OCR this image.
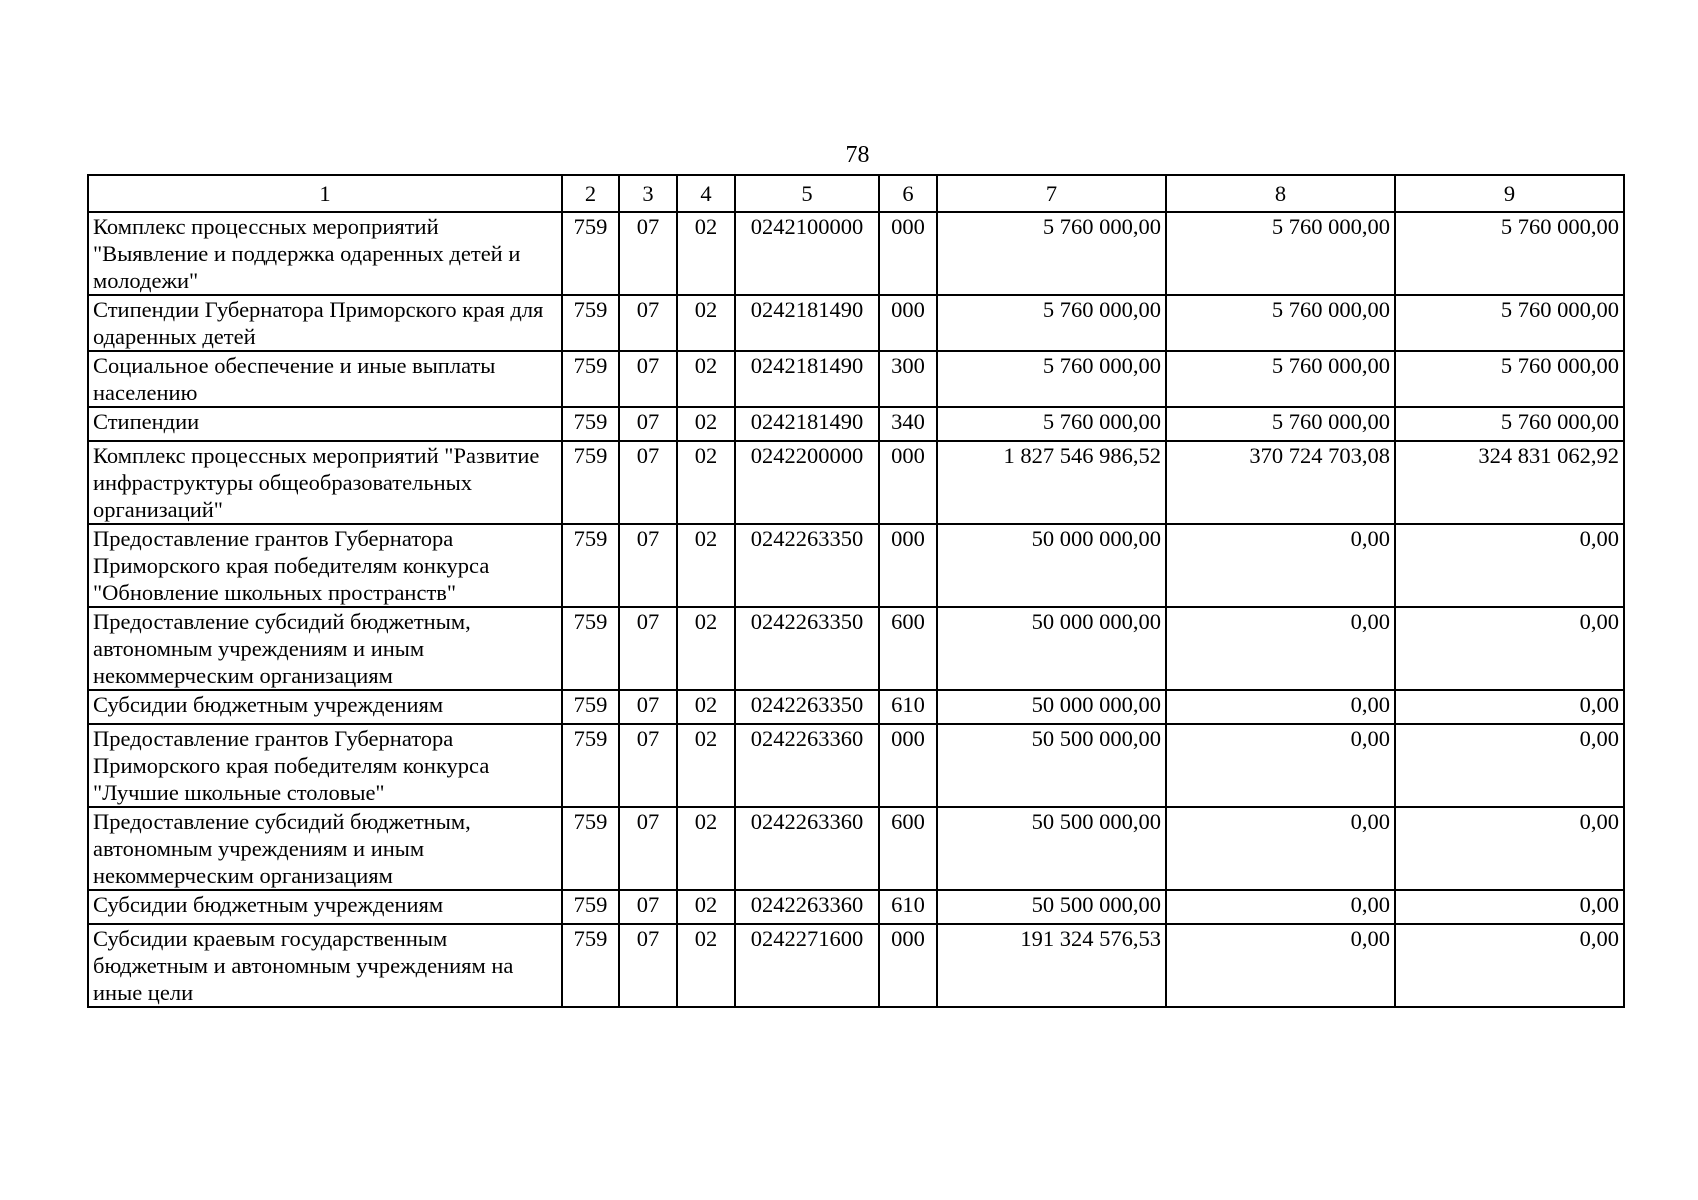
78
1	2	3	4	5	6	7	8	9
Комплекс процессных мероприятий "Выявление и поддержка одаренных детей и молодежи"	759	07	02	0242100000	000	5 760 000,00	5 760 000,00	5 760 000,00
Стипендии Губернатора Приморского края для одаренных детей	759	07	02	0242181490	000	5 760 000,00	5 760 000,00	5 760 000,00
Социальное обеспечение и иные выплаты населению	759	07	02	0242181490	300	5 760 000,00	5 760 000,00	5 760 000,00
Стипендии	759	07	02	0242181490	340	5 760 000,00	5 760 000,00	5 760 000,00
Комплекс процессных мероприятий "Развитие инфраструктуры общеобразовательных организаций"	759	07	02	0242200000	000	1 827 546 986,52	370 724 703,08	324 831 062,92
Предоставление грантов Губернатора Приморского края победителям конкурса "Обновление школьных пространств"	759	07	02	0242263350	000	50 000 000,00	0,00	0,00
Предоставление субсидий бюджетным, автономным учреждениям и иным некоммерческим организациям	759	07	02	0242263350	600	50 000 000,00	0,00	0,00
Субсидии бюджетным учреждениям	759	07	02	0242263350	610	50 000 000,00	0,00	0,00
Предоставление грантов Губернатора Приморского края победителям конкурса "Лучшие школьные столовые"	759	07	02	0242263360	000	50 500 000,00	0,00	0,00
Предоставление субсидий бюджетным, автономным учреждениям и иным некоммерческим организациям	759	07	02	0242263360	600	50 500 000,00	0,00	0,00
Субсидии бюджетным учреждениям	759	07	02	0242263360	610	50 500 000,00	0,00	0,00
Субсидии краевым государственным бюджетным и автономным учреждениям на иные цели	759	07	02	0242271600	000	191 324 576,53	0,00	0,00
